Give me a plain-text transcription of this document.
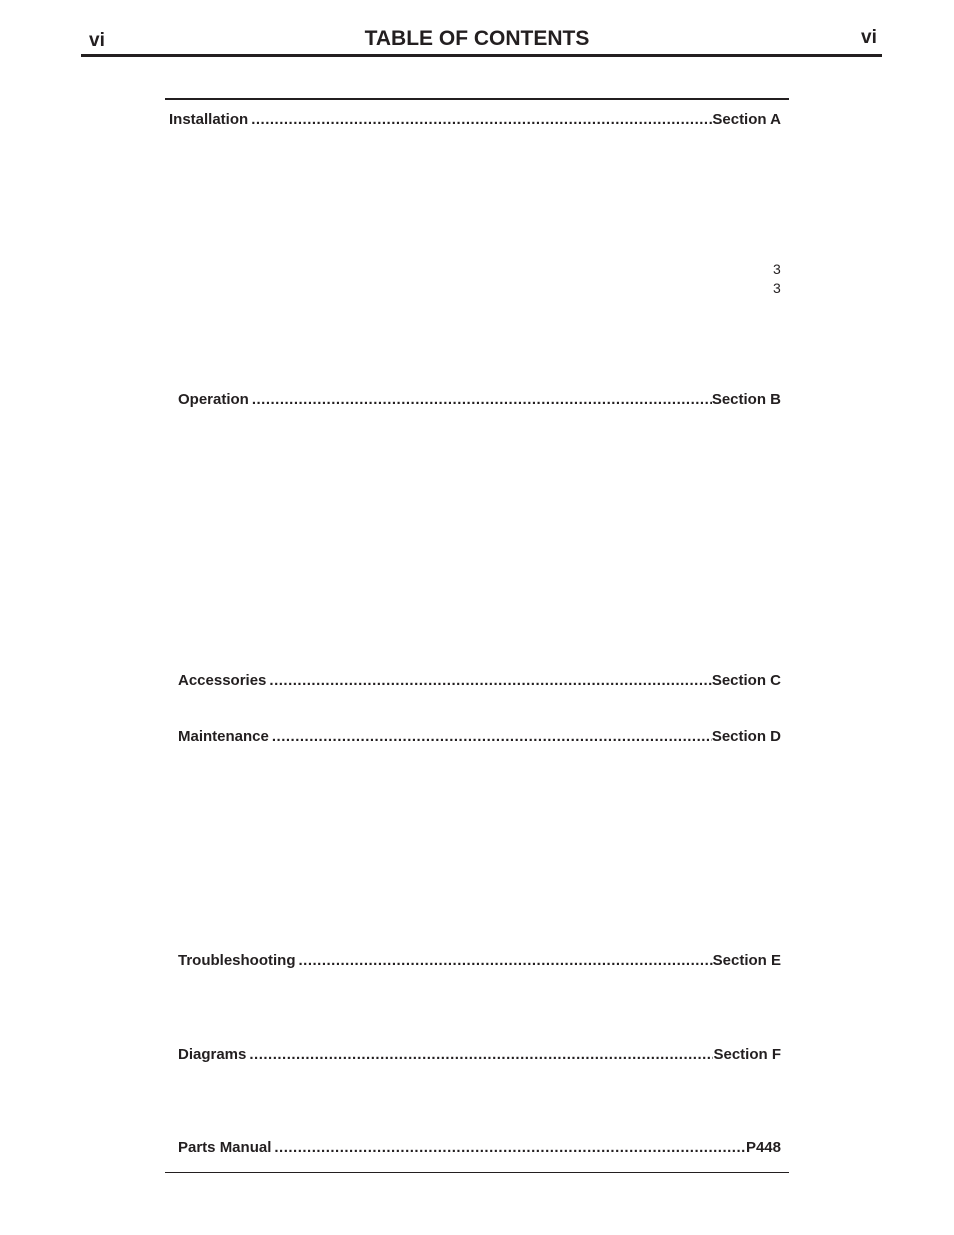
vi	TABLE OF CONTENTS	vi
Installation .....	Section A
3
3
Operation .....	Section B
Accessories .....	Section C
Maintenance .....	Section D
Troubleshooting .....	Section E
Diagrams .....	Section F
Parts Manual .....	P448
